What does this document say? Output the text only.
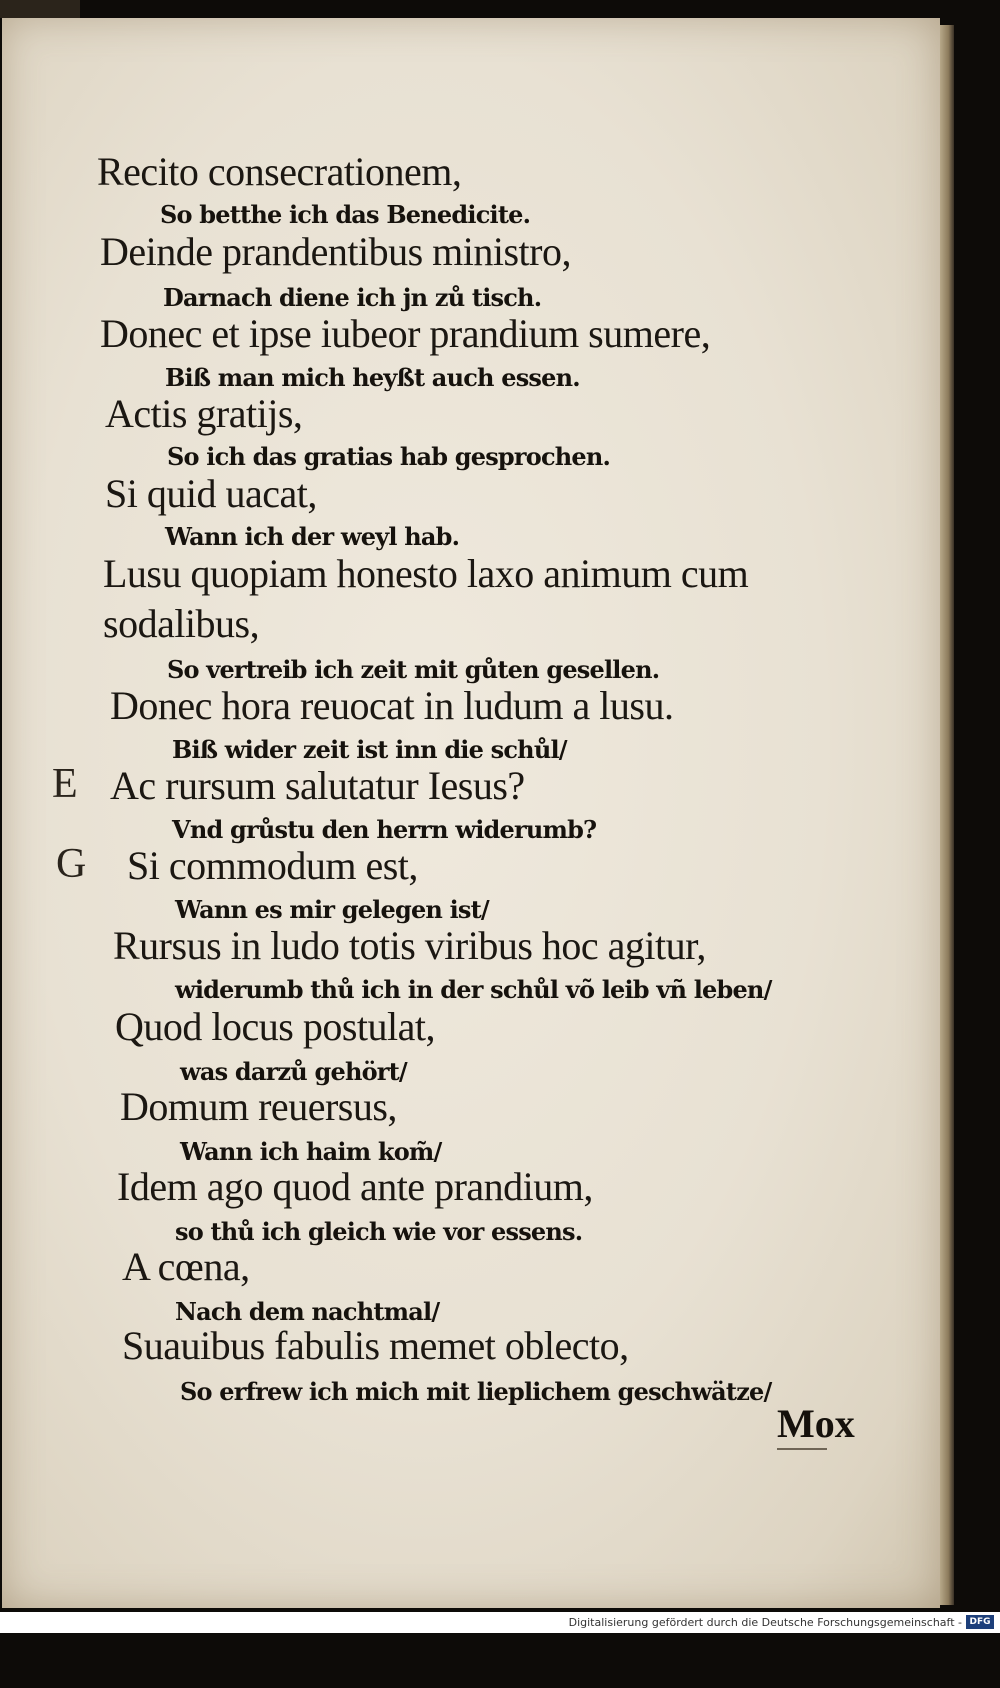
Recito consecrationem,
So betthe ich das Benedicite.
Deinde prandentibus ministro,
Darnach diene ich jn zů tisch.
Donec et ipse iubeor prandium sumere,
Biß man mich heyßt auch essen.
Actis gratijs,
So ich das gratias hab gesprochen.
Si quid uacat,
Wann ich der weyl hab.
Lusu quopiam honesto laxo animum cum
sodalibus,
So vertreib ich zeit mit gůten gesellen.
Donec hora reuocat in ludum a lusu.
Biß wider zeit ist inn die schůl/
E Ac rursum salutatur Iesus?
Vnd grůstu den herrn widerumb?
G Si commodum est,
Wann es mir gelegen ist/
Rursus in ludo totis viribus hoc agitur,
widerumb thů ich in der schůl võ leib vñ leben/
Quod locus postulat,
was darzů gehört/
Domum reuersus,
Wann ich haim kom̃/
Idem ago quod ante prandium,
so thů ich gleich wie vor essens.
A cœna,
Nach dem nachtmal/
Suauibus fabulis memet oblecto,
So erfrew ich mich mit lieplichem geschwätze/
Mox
Digitalisierung gefördert durch die Deutsche Forschungsgemeinschaft - DFG
